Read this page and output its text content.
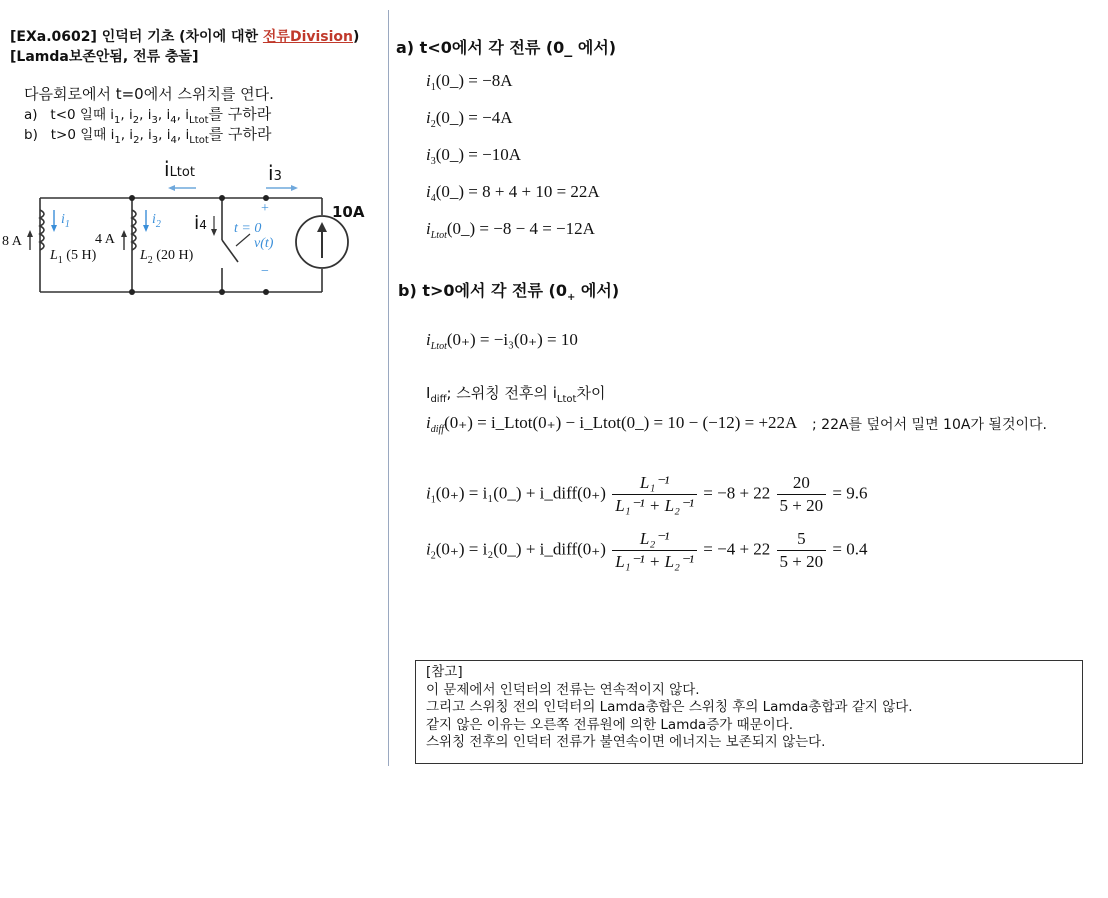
[EXa.0602] 인덕터 기초 (차이에 대한 전류Division)
[Lamda보존안됨, 전류 충돌]
다음회로에서 t=0에서 스위치를 연다.
a) t<0 일때 $i_1$, $i_2$, $i_3$, $i_4$, $i_{Ltot}$를 구하라
b) t>0 일때 $i_1$, $i_2$, $i_3$, $i_4$, $i_{Ltot}$를 구하라
iLtot	i3
i4
8 A	4 A
$i_1$	$i_2$
$L_1$ (5 H)	$L_2$ (20 H)
t = 0
v(t)
+
−
10A
a) t<0에서 각 전류 (0_ 에서)
$i_1(0\_) = -8A$
$i_2(0\_) = -4A$
$i_3(0\_) = -10A$
$i_4(0\_) = 8 + 4 + 10 = 22A$
$i_{Ltot}(0\_) = -8 - 4 = -12A$
b) t>0에서 각 전류 ($0_+$ 에서)
$i_{Ltot}(0_+) = -i_3(0_+) = 10$
$I_{diff}$; 스위칭 전후의 $i_{Ltot}$차이
$i_{diff}(0_+)$ = i_Ltot(0₊) − i_Ltot(0_) = 10 − (−12) = +22A ; 22A를 덮어서 밀면 10A가 될것이다.
$i_1(0_+)$ = i₁(0_) + i_diff(0₊) $\frac{\text{L₁⁻¹}}{\text{L₁⁻¹ + L₂⁻¹}} = -8 + 22 \frac{20}{5 + 20} = 9.6$
$i_2(0_+)$ = i₂(0_) + i_diff(0₊) $\frac{\text{L₂⁻¹}}{\text{L₁⁻¹ + L₂⁻¹}} = -4 + 22 \frac{5}{5 + 20} = 0.4$
[참고]
이 문제에서 인덕터의 전류는 연속적이지 않다.
그리고 스위칭 전의 인덕터의 Lamda총합은 스위칭 후의 Lamda총합과 같지 않다.
같지 않은 이유는 오른쪽 전류원에 의한 Lamda증가 때문이다.
스위칭 전후의 인덕터 전류가 불연속이면 에너지는 보존되지 않는다.
